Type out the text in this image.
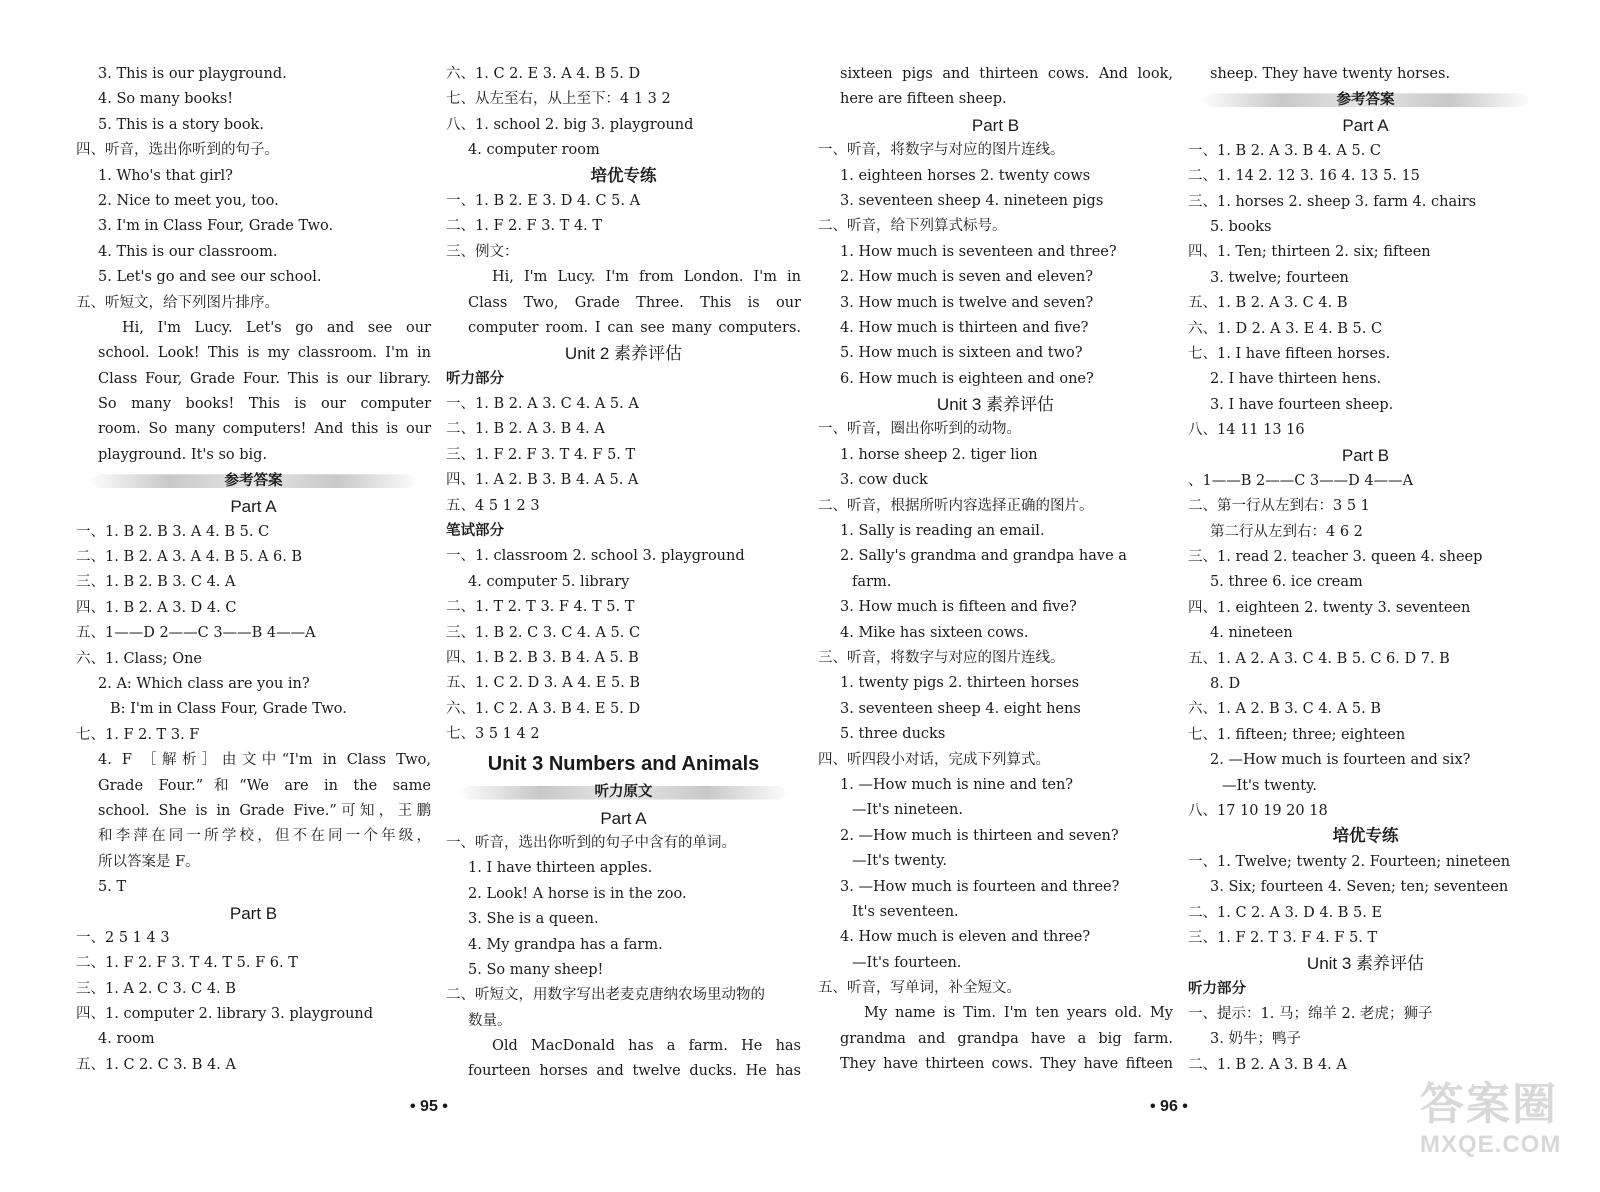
3. This is our playground.
4. So many books!
5. This is a story book.
四、听音，选出你听到的句子。
1. Who's that girl?
2. Nice to meet you, too.
3. I'm in Class Four, Grade Two.
4. This is our classroom.
5. Let's go and see our school.
五、听短文，给下列图片排序。
Hi, I'm Lucy. Let's go and see our
school. Look! This is my classroom. I'm in
Class Four, Grade Four. This is our library.
So many books! This is our computer
room. So many computers! And this is our
playground. It's so big.
参考答案
Part A
一、1. B 2. B 3. A 4. B 5. C
二、1. B 2. A 3. A 4. B 5. A 6. B
三、1. B 2. B 3. C 4. A
四、1. B 2. A 3. D 4. C
五、1——D 2——C 3——B 4——A
六、1. Class; One
2. A: Which class are you in?
B: I'm in Class Four, Grade Two.
七、1. F 2. T 3. F
4. F ［解析］由文中“I'm in Class Two,
Grade Four.”和“We are in the same
school. She is in Grade Five.”可知，王鹏
和李萍在同一所学校，但不在同一个年级，
所以答案是 F。
5. T
Part B
一、2 5 1 4 3
二、1. F 2. F 3. T 4. T 5. F 6. T
三、1. A 2. C 3. C 4. B
四、1. computer 2. library 3. playground
4. room
五、1. C 2. C 3. B 4. A
六、1. C 2. E 3. A 4. B 5. D
七、从左至右，从上至下：4 1 3 2
八、1. school 2. big 3. playground
4. computer room
培优专练
一、1. B 2. E 3. D 4. C 5. A
二、1. F 2. F 3. T 4. T
三、例文：
Hi, I'm Lucy. I'm from London. I'm in
Class Two, Grade Three. This is our
computer room. I can see many computers.
Unit 2 素养评估
听力部分
一、1. B 2. A 3. C 4. A 5. A
二、1. B 2. A 3. B 4. A
三、1. F 2. F 3. T 4. F 5. T
四、1. A 2. B 3. B 4. A 5. A
五、4 5 1 2 3
笔试部分
一、1. classroom 2. school 3. playground
4. computer 5. library
二、1. T 2. T 3. F 4. T 5. T
三、1. B 2. C 3. C 4. A 5. C
四、1. B 2. B 3. B 4. A 5. B
五、1. C 2. D 3. A 4. E 5. B
六、1. C 2. A 3. B 4. E 5. D
七、3 5 1 4 2
Unit 3 Numbers and Animals
听力原文
Part A
一、听音，选出你听到的句子中含有的单词。
1. I have thirteen apples.
2. Look! A horse is in the zoo.
3. She is a queen.
4. My grandpa has a farm.
5. So many sheep!
二、听短文，用数字写出老麦克唐纳农场里动物的
数量。
Old MacDonald has a farm. He has
fourteen horses and twelve ducks. He has
sixteen pigs and thirteen cows. And look,
here are fifteen sheep.
Part B
一、听音，将数字与对应的图片连线。
1. eighteen horses 2. twenty cows
3. seventeen sheep 4. nineteen pigs
二、听音，给下列算式标号。
1. How much is seventeen and three?
2. How much is seven and eleven?
3. How much is twelve and seven?
4. How much is thirteen and five?
5. How much is sixteen and two?
6. How much is eighteen and one?
Unit 3 素养评估
一、听音，圈出你听到的动物。
1. horse sheep 2. tiger lion
3. cow duck
二、听音，根据所听内容选择正确的图片。
1. Sally is reading an email.
2. Sally's grandma and grandpa have a
farm.
3. How much is fifteen and five?
4. Mike has sixteen cows.
三、听音，将数字与对应的图片连线。
1. twenty pigs 2. thirteen horses
3. seventeen sheep 4. eight hens
5. three ducks
四、听四段小对话，完成下列算式。
1. —How much is nine and ten?
—It's nineteen.
2. —How much is thirteen and seven?
—It's twenty.
3. —How much is fourteen and three?
It's seventeen.
4. How much is eleven and three?
—It's fourteen.
五、听音，写单词，补全短文。
My name is Tim. I'm ten years old. My
grandma and grandpa have a big farm.
They have thirteen cows. They have fifteen
sheep. They have twenty horses.
参考答案
Part A
一、1. B 2. A 3. B 4. A 5. C
二、1. 14 2. 12 3. 16 4. 13 5. 15
三、1. horses 2. sheep 3. farm 4. chairs
5. books
四、1. Ten; thirteen 2. six; fifteen
3. twelve; fourteen
五、1. B 2. A 3. C 4. B
六、1. D 2. A 3. E 4. B 5. C
七、1. I have fifteen horses.
2. I have thirteen hens.
3. I have fourteen sheep.
八、14 11 13 16
Part B
、1——B 2——C 3——D 4——A
二、第一行从左到右：3 5 1
第二行从左到右：4 6 2
三、1. read 2. teacher 3. queen 4. sheep
5. three 6. ice cream
四、1. eighteen 2. twenty 3. seventeen
4. nineteen
五、1. A 2. A 3. C 4. B 5. C 6. D 7. B
8. D
六、1. A 2. B 3. C 4. A 5. B
七、1. fifteen; three; eighteen
2. —How much is fourteen and six?
—It's twenty.
八、17 10 19 20 18
培优专练
一、1. Twelve; twenty 2. Fourteen; nineteen
3. Six; fourteen 4. Seven; ten; seventeen
二、1. C 2. A 3. D 4. B 5. E
三、1. F 2. T 3. F 4. F 5. T
Unit 3 素养评估
听力部分
一、提示：1. 马；绵羊 2. 老虎；狮子
3. 奶牛；鸭子
二、1. B 2. A 3. B 4. A
• 95 •	• 96 •	答案圈
MXQE.COM
